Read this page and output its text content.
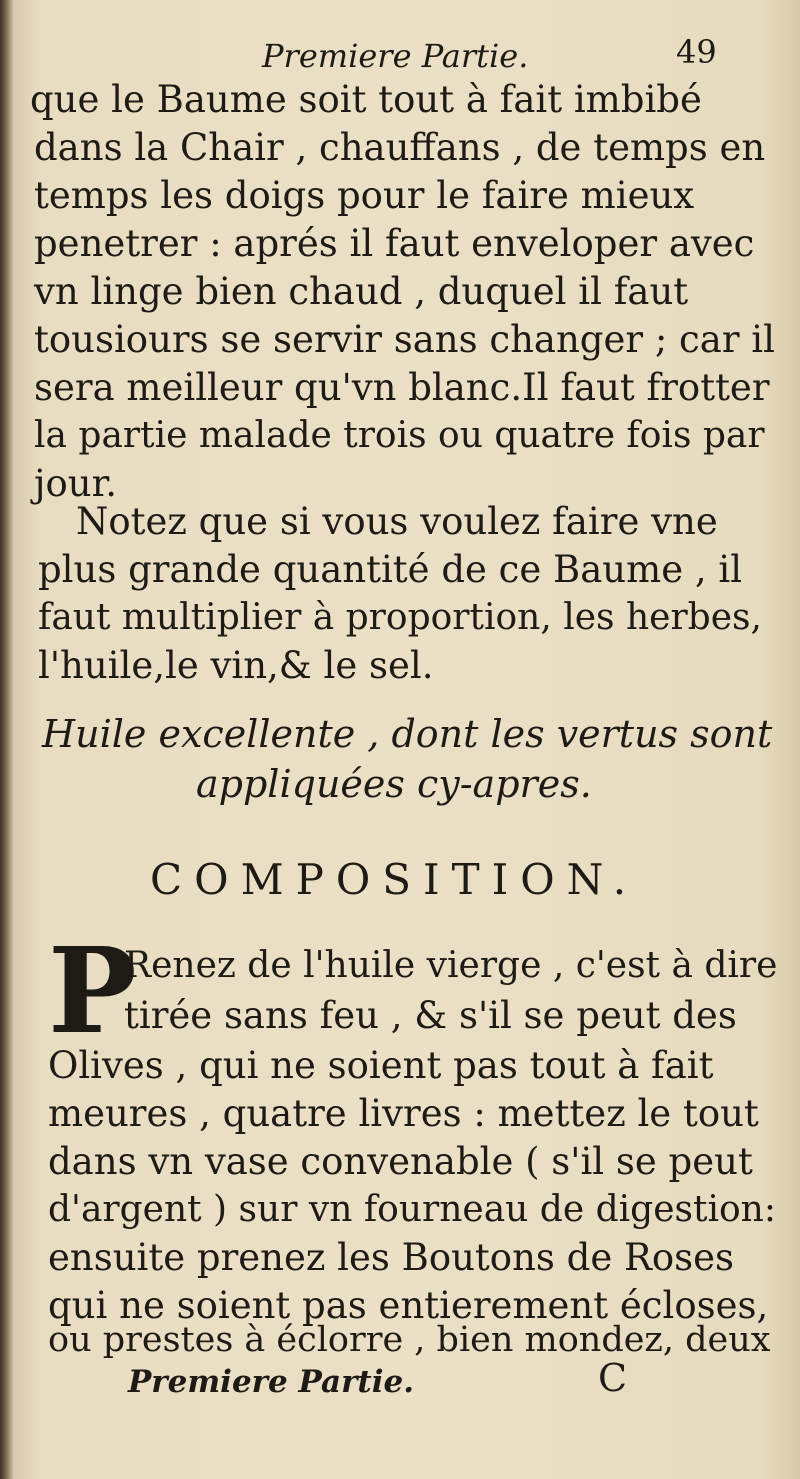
Premiere Partie.	49
que le Baume soit tout à fait imbibé
dans la Chair , chauffans , de temps en
temps les doigs pour le faire mieux
penetrer : aprés il faut enveloper avec
vn linge bien chaud , duquel il faut
tousiours se servir sans changer ; car il
sera meilleur qu'vn blanc.Il faut frotter
la partie malade trois ou quatre fois par
jour.
Notez que si vous voulez faire vne
plus grande quantité de ce Baume , il
faut multiplier à proportion, les herbes,
l'huile,le vin,& le sel.
Huile excellente , dont les vertus sont
appliquées cy-apres.
COMPOSITION.
P
Renez de l'huile vierge , c'est à dire
tirée sans feu , & s'il se peut des
Olives , qui ne soient pas tout à fait
meures , quatre livres : mettez le tout
dans vn vase convenable ( s'il se peut
d'argent ) sur vn fourneau de digestion:
ensuite prenez les Boutons de Roses
qui ne soient pas entierement écloses,
ou prestes à éclorre , bien mondez, deux
Premiere Partie.	C
